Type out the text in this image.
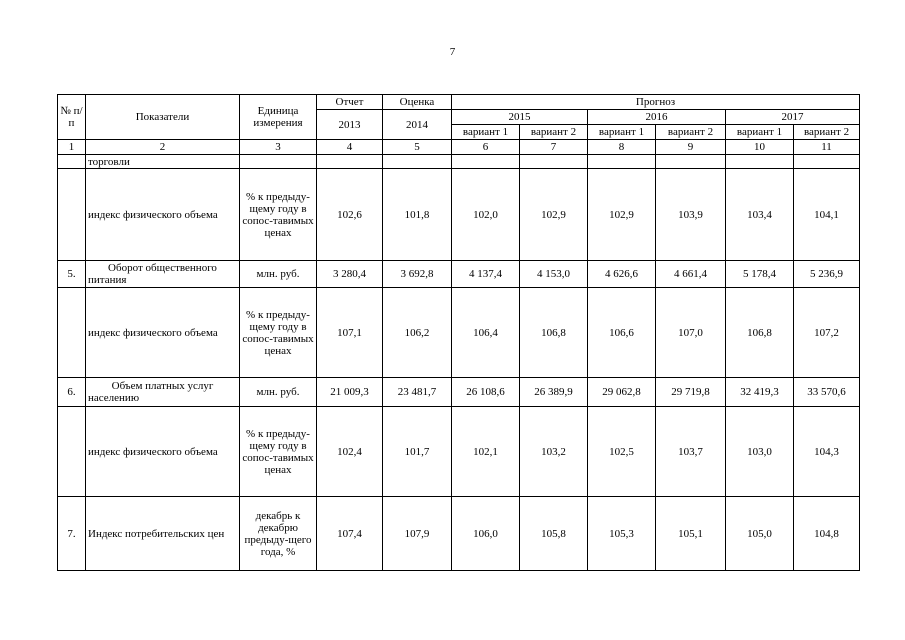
7
№ п/п	Показатели	Единица измерения	Отчет	Оценка	Прогноз					
			2013	2014	2015		2016		2017	
					вариант 1	вариант 2	вариант 1	вариант 2	вариант 1	вариант 2
1	2	3	4	5	6	7	8	9	10	11
	торговли									
	индекс физического объема	% к предыду-щему году в сопос-тавимых ценах	102,6	101,8	102,0	102,9	102,9	103,9	103,4	104,1
5.	Оборот общественного питания	млн. руб.	3 280,4	3 692,8	4 137,4	4 153,0	4 626,6	4 661,4	5 178,4	5 236,9
	индекс физического объема	% к предыду-щему году в сопос-тавимых ценах	107,1	106,2	106,4	106,8	106,6	107,0	106,8	107,2
6.	Объем платных услуг населению	млн. руб.	21 009,3	23 481,7	26 108,6	26 389,9	29 062,8	29 719,8	32 419,3	33 570,6
	индекс физического объема	% к предыду-щему году в сопос-тавимых ценах	102,4	101,7	102,1	103,2	102,5	103,7	103,0	104,3
7.	Индекс потребительских цен	декабрь к декабрю предыду-щего года, %	107,4	107,9	106,0	105,8	105,3	105,1	105,0	104,8
